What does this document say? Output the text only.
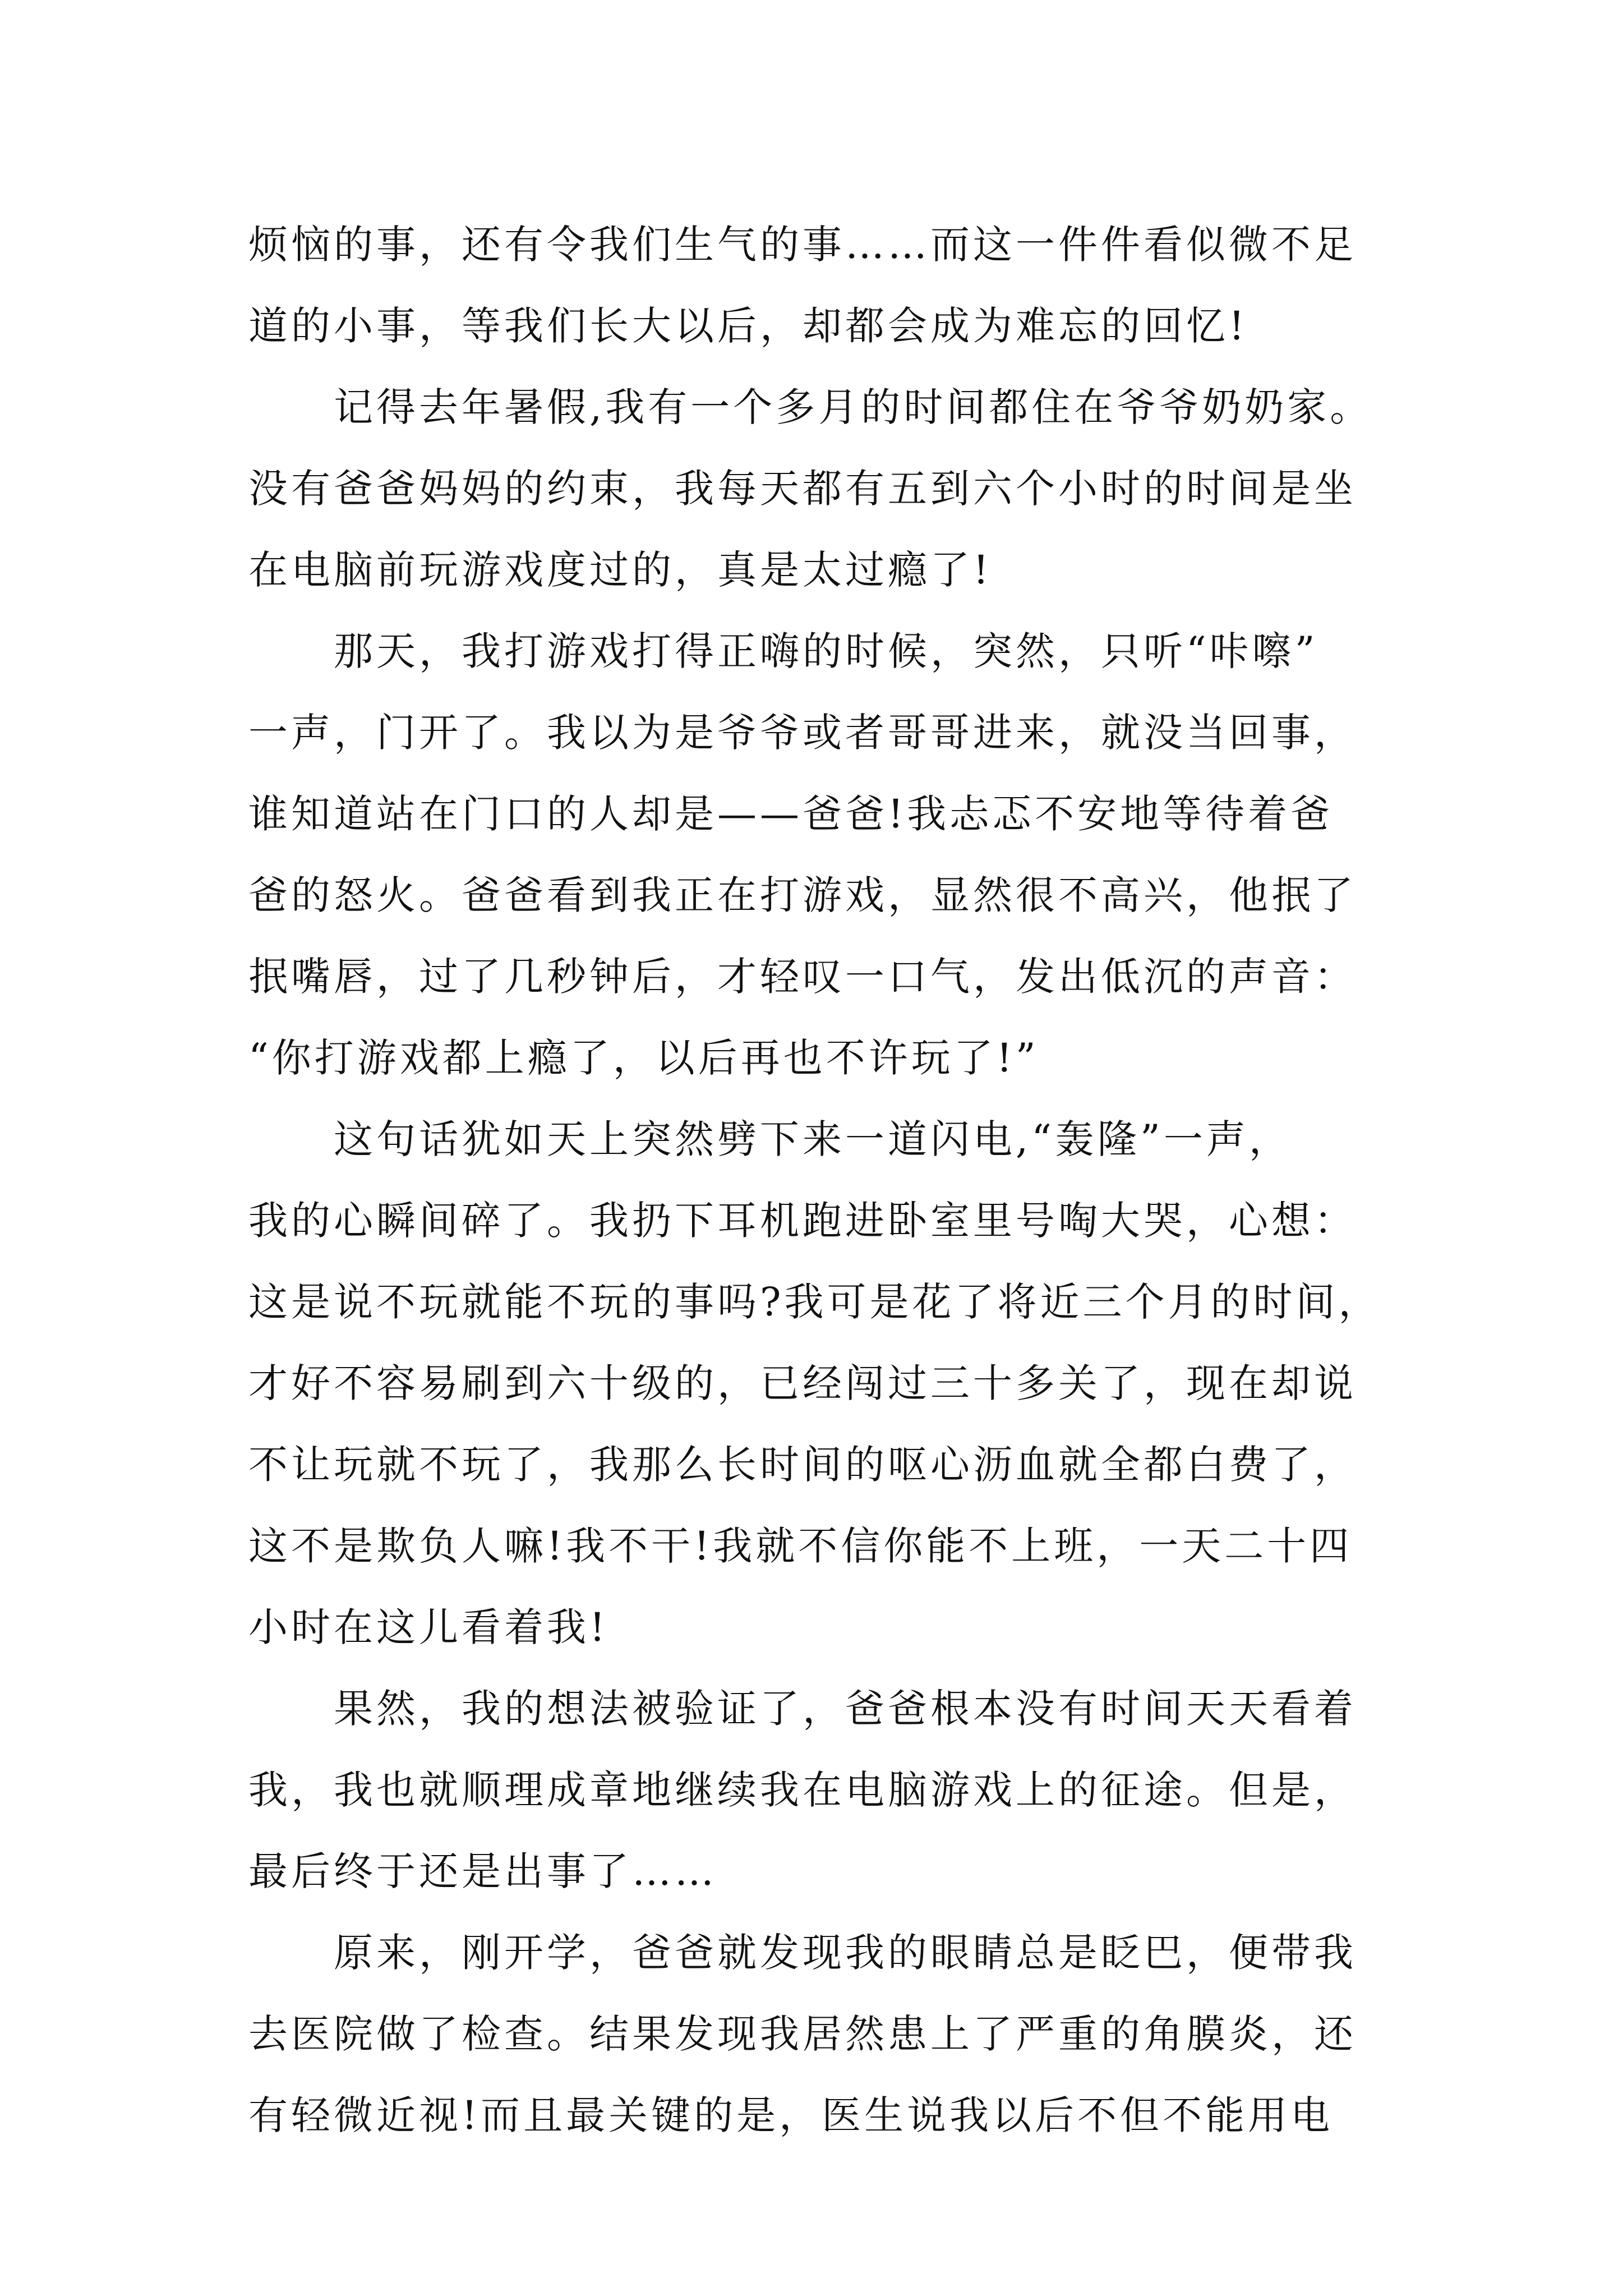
烦恼的事，还有令我们生气的事……而这一件件看似微不足
道的小事，等我们长大以后，却都会成为难忘的回忆!
记得去年暑假,我有一个多月的时间都住在爷爷奶奶家。
没有爸爸妈妈的约束，我每天都有五到六个小时的时间是坐
在电脑前玩游戏度过的，真是太过瘾了!
那天，我打游戏打得正嗨的时候，突然，只听“咔嚓”
一声，门开了。我以为是爷爷或者哥哥进来，就没当回事，
谁知道站在门口的人却是——爸爸!我忐忑不安地等待着爸
爸的怒火。爸爸看到我正在打游戏，显然很不高兴，他抿了
抿嘴唇，过了几秒钟后，才轻叹一口气，发出低沉的声音：
“你打游戏都上瘾了，以后再也不许玩了!”
这句话犹如天上突然劈下来一道闪电,“轰隆”一声，
我的心瞬间碎了。我扔下耳机跑进卧室里号啕大哭，心想：
这是说不玩就能不玩的事吗?我可是花了将近三个月的时间，
才好不容易刷到六十级的，已经闯过三十多关了，现在却说
不让玩就不玩了，我那么长时间的呕心沥血就全都白费了，
这不是欺负人嘛!我不干!我就不信你能不上班，一天二十四
小时在这儿看着我!
果然，我的想法被验证了，爸爸根本没有时间天天看着
我，我也就顺理成章地继续我在电脑游戏上的征途。但是，
最后终于还是出事了……
原来，刚开学，爸爸就发现我的眼睛总是眨巴，便带我
去医院做了检查。结果发现我居然患上了严重的角膜炎，还
有轻微近视!而且最关键的是，医生说我以后不但不能用电
